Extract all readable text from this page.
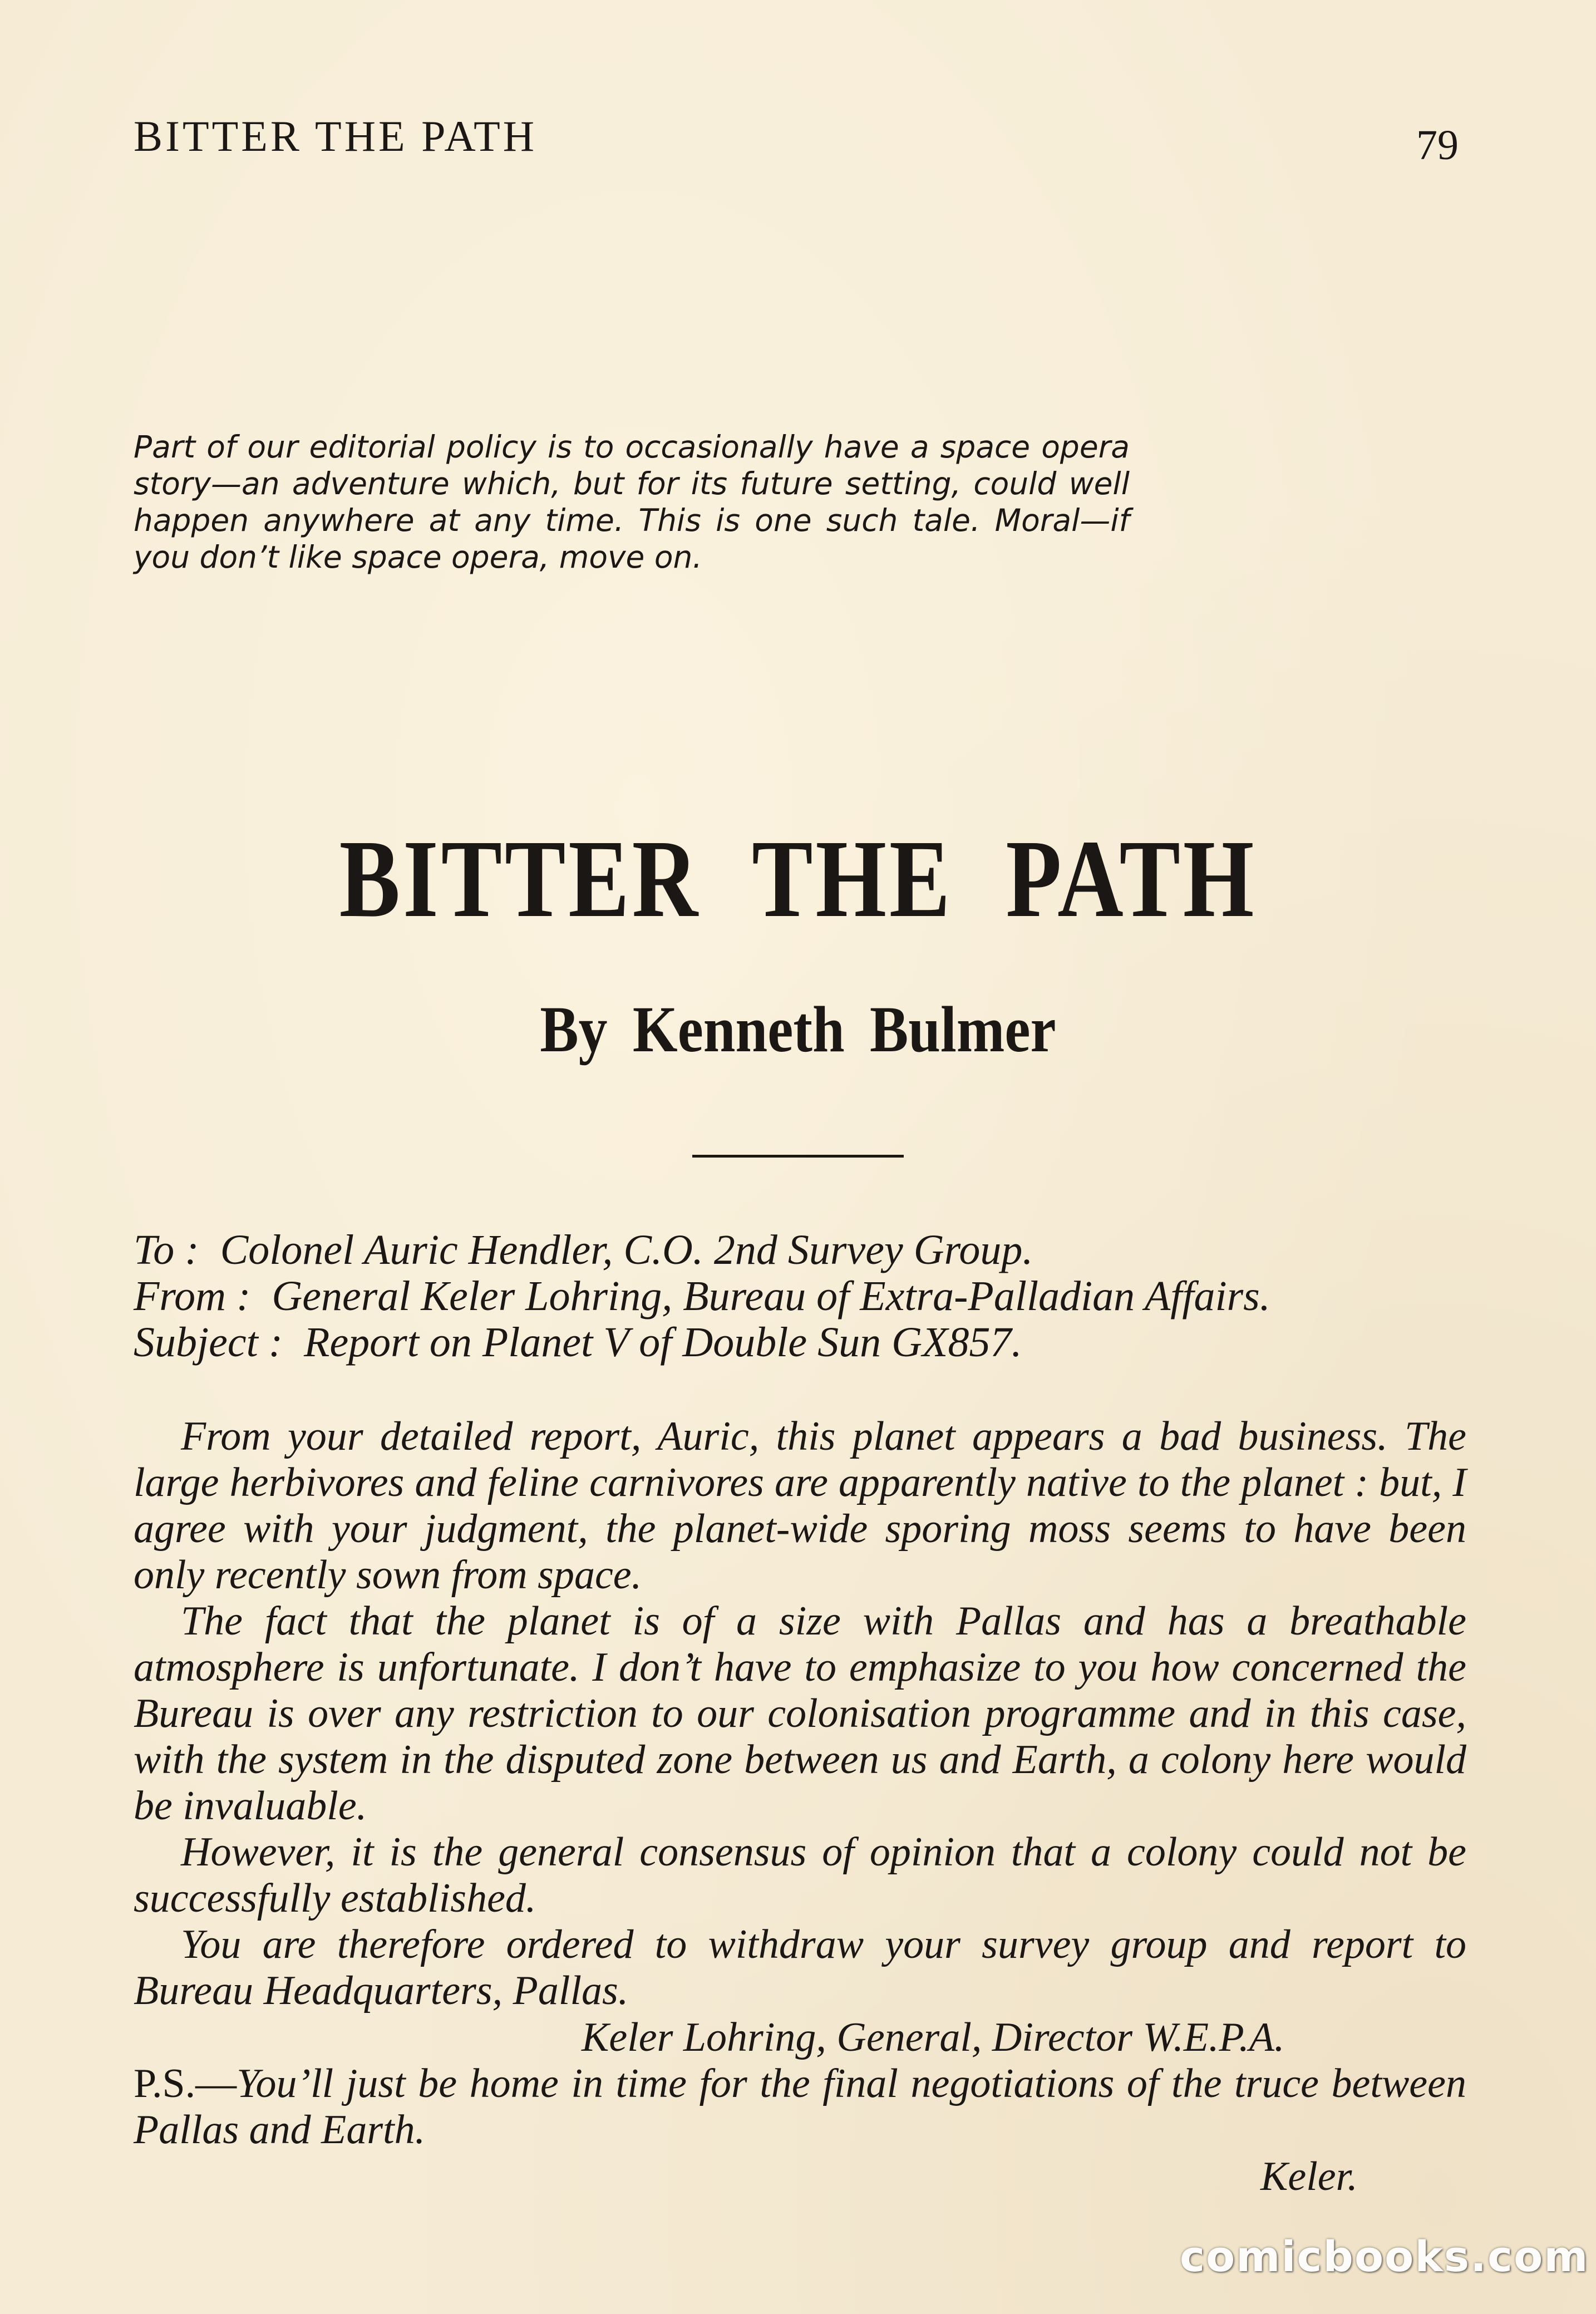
BITTER THE PATH	79
Part of our editorial policy is to occasionally have a space opera story—an adventure which, but for its future setting, could well happen anywhere at any time. This is one such tale. Moral—if you don’t like space opera, move on.
BITTER THE PATH
By Kenneth Bulmer
To : Colonel Auric Hendler, C.O. 2nd Survey Group.
From : General Keler Lohring, Bureau of Extra-Palladian Affairs.
Subject : Report on Planet V of Double Sun GX857.

From your detailed report, Auric, this planet appears a bad business. The large herbivores and feline carnivores are apparently native to the planet : but, I agree with your judgment, the planet-wide sporing moss seems to have been only recently sown from space.

The fact that the planet is of a size with Pallas and has a breathable atmosphere is unfortunate. I don’t have to emphasize to you how concerned the Bureau is over any restriction to our colonisation programme and in this case, with the system in the disputed zone between us and Earth, a colony here would be invaluable.

However, it is the general consensus of opinion that a colony could not be successfully established.

You are therefore ordered to withdraw your survey group and report to Bureau Headquarters, Pallas.

Keler Lohring, General, Director W.E.P.A.
P.S.—You’ll just be home in time for the final negotiations of the truce between Pallas and Earth.
Keler.
comicbooks.com
